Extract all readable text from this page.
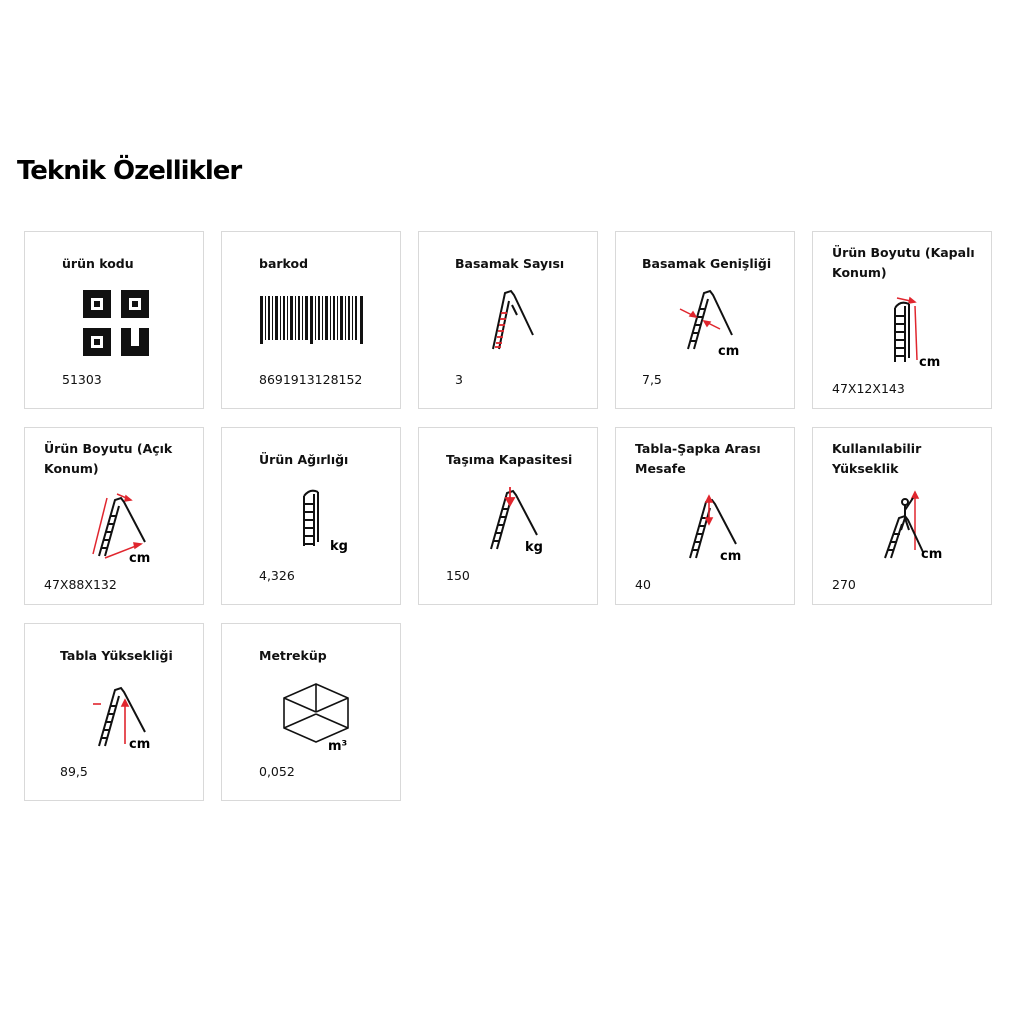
Teknik Özellikler
ürün kodu
51303
barkod
8691913128152
Basamak Sayısı
3
Basamak Genişliği
cm
7,5
Ürün Boyutu (Kapalı Konum)
cm
47X12X143
Ürün Boyutu (Açık Konum)
cm
47X88X132
Ürün Ağırlığı
kg
4,326
Taşıma Kapasitesi
kg
150
Tabla-Şapka Arası Mesafe
cm
40
Kullanılabilir Yükseklik
cm
270
Tabla Yüksekliği
cm
89,5
Metreküp
m³
0,052
